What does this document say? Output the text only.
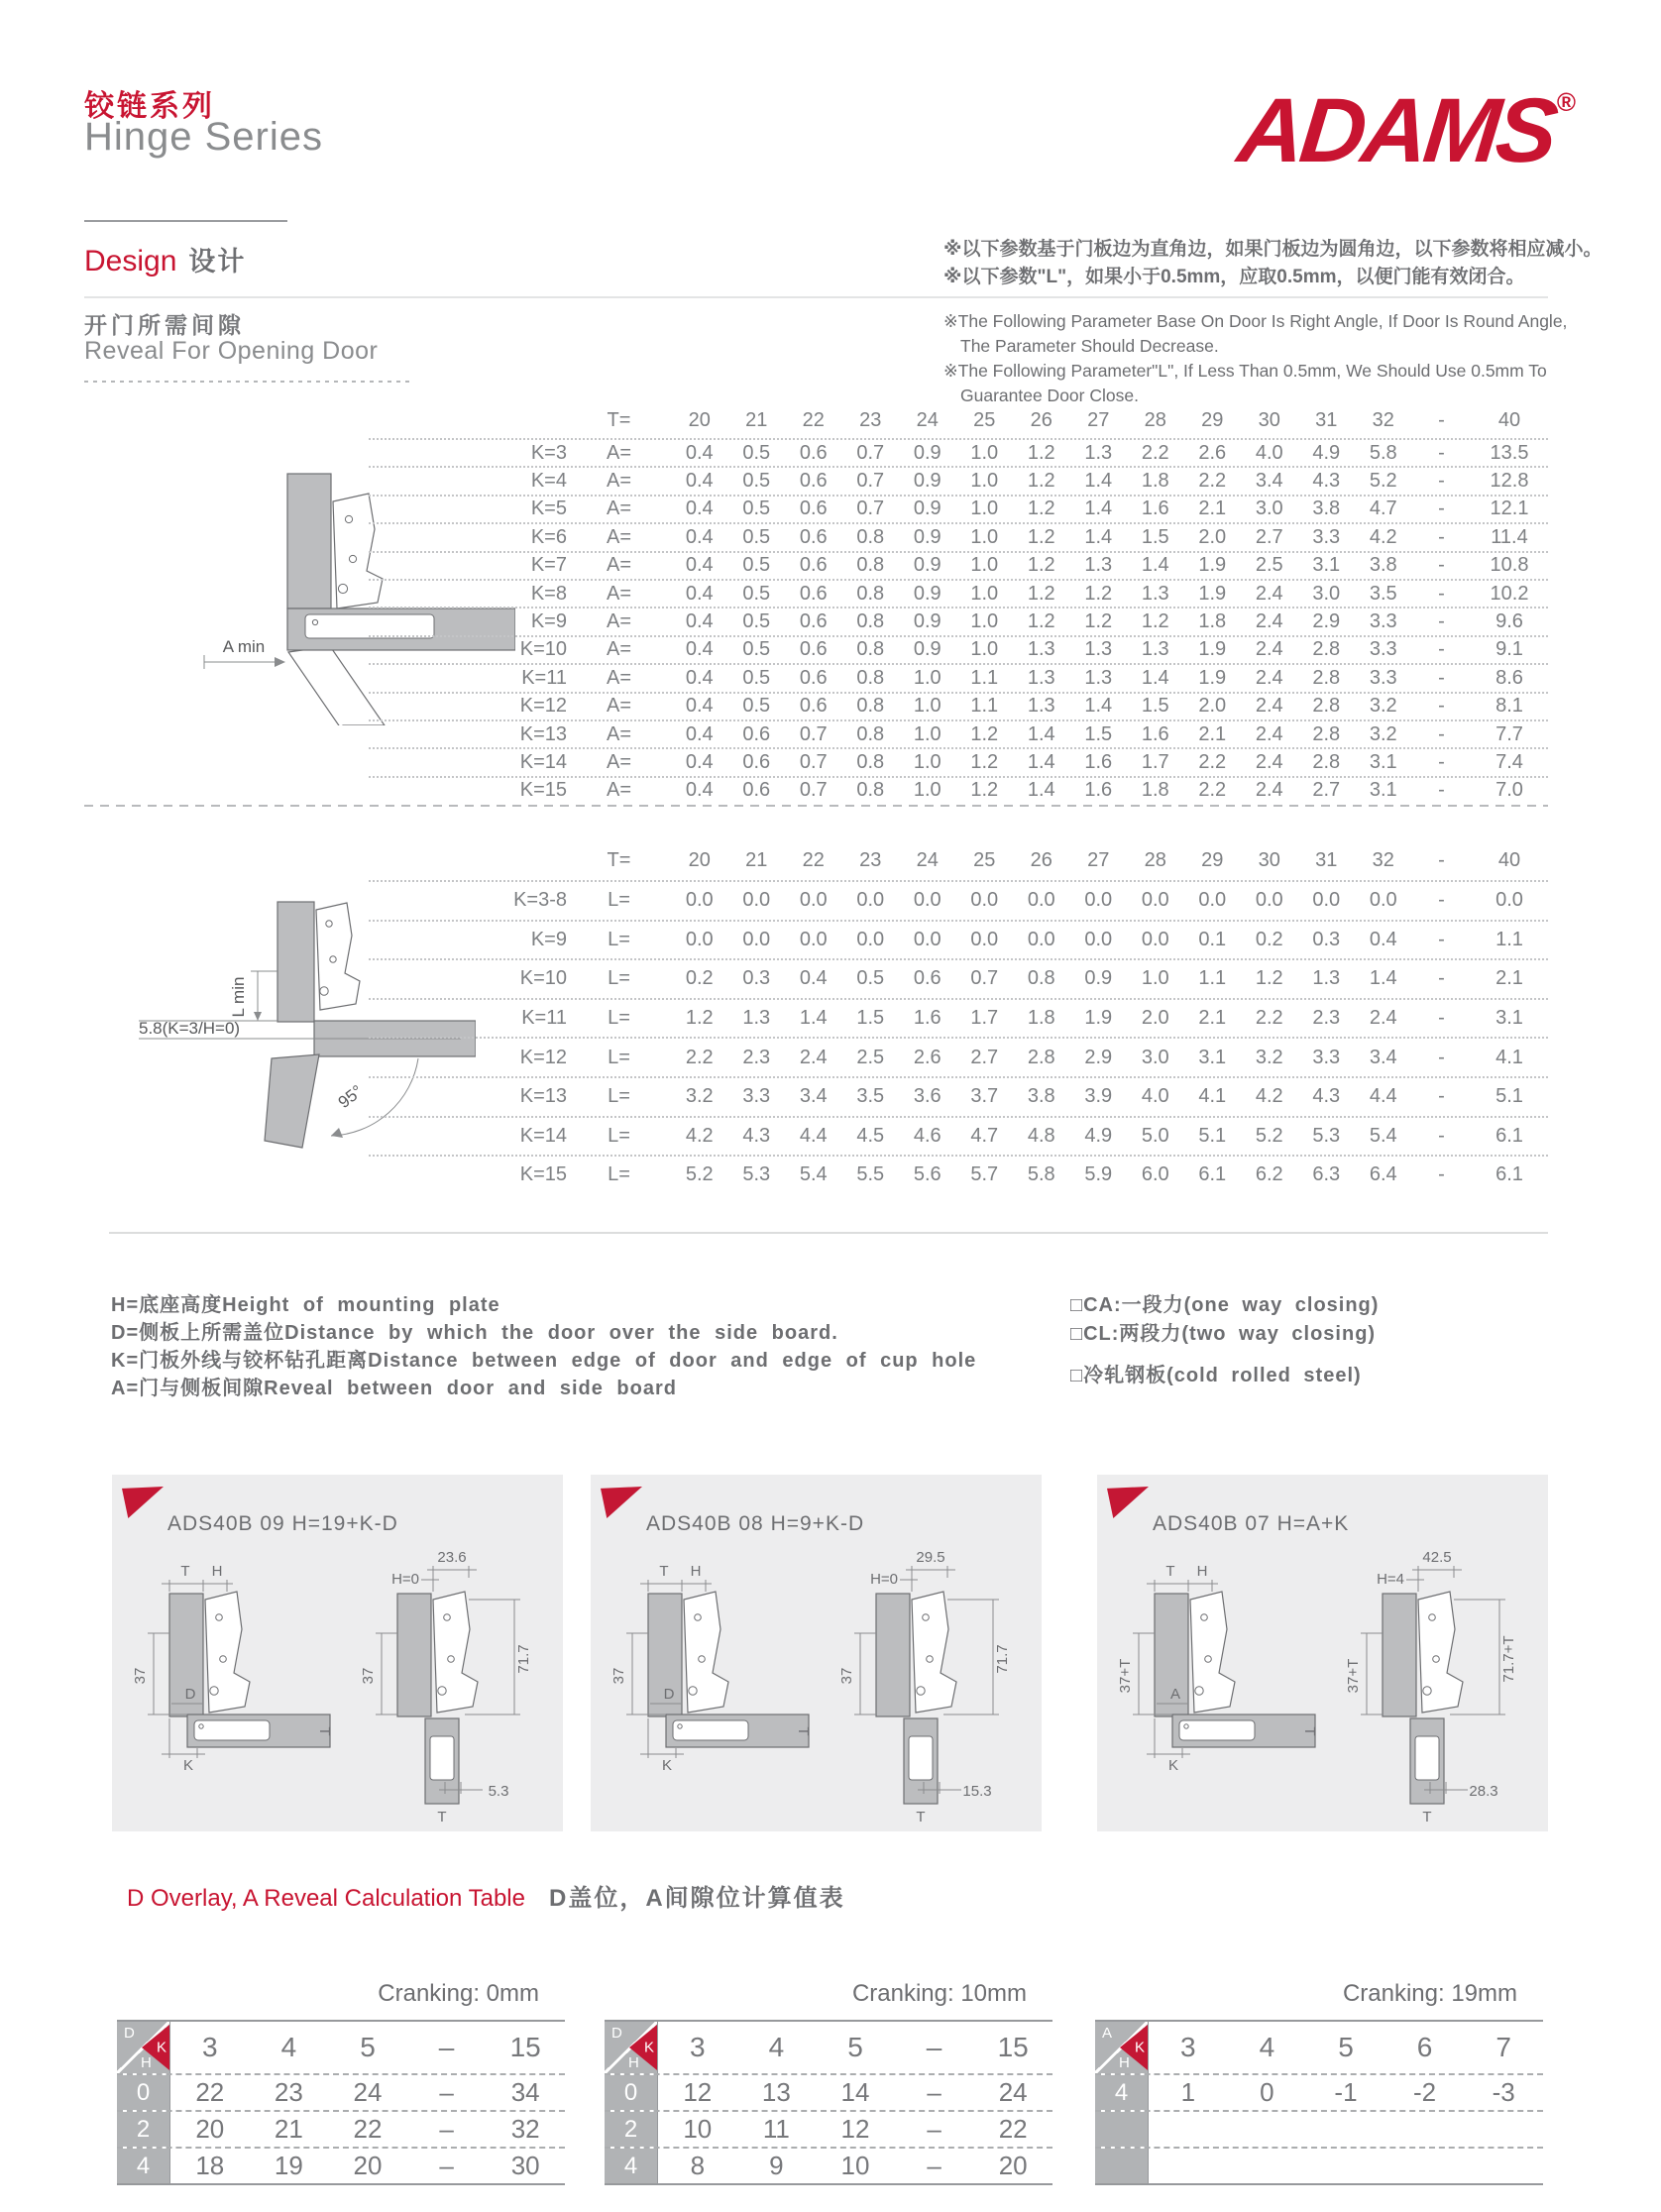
铰链系列
Hinge Series
Design 设计
ADAMS
®
※以下参数基于门板边为直角边，如果门板边为圆角边，以下参数将相应减小。
※以下参数"L"，如果小于0.5mm，应取0.5mm，以便门能有效闭合。

※The Following Parameter Base On Door Is Right Angle, If Door Is Round Angle, The Parameter Should Decrease.

※The Following Parameter"L", If Less Than 0.5mm, We Should Use 0.5mm To Guarantee Door Close.

开门所需间隙
Reveal For Opening Door
A min
T=	20	21	22	23	24	25	26	27	28	29	30	31	32	-	40
K=3	A=	0.4	0.5	0.6	0.7	0.9	1.0	1.2	1.3	2.2	2.6	4.0	4.9	5.8	-	13.5
K=4	A=	0.4	0.5	0.6	0.7	0.9	1.0	1.2	1.4	1.8	2.2	3.4	4.3	5.2	-	12.8
K=5	A=	0.4	0.5	0.6	0.7	0.9	1.0	1.2	1.4	1.6	2.1	3.0	3.8	4.7	-	12.1
K=6	A=	0.4	0.5	0.6	0.8	0.9	1.0	1.2	1.4	1.5	2.0	2.7	3.3	4.2	-	11.4
K=7	A=	0.4	0.5	0.6	0.8	0.9	1.0	1.2	1.3	1.4	1.9	2.5	3.1	3.8	-	10.8
K=8	A=	0.4	0.5	0.6	0.8	0.9	1.0	1.2	1.2	1.3	1.9	2.4	3.0	3.5	-	10.2
K=9	A=	0.4	0.5	0.6	0.8	0.9	1.0	1.2	1.2	1.2	1.8	2.4	2.9	3.3	-	9.6
K=10	A=	0.4	0.5	0.6	0.8	0.9	1.0	1.3	1.3	1.3	1.9	2.4	2.8	3.3	-	9.1
K=11	A=	0.4	0.5	0.6	0.8	1.0	1.1	1.3	1.3	1.4	1.9	2.4	2.8	3.3	-	8.6
K=12	A=	0.4	0.5	0.6	0.8	1.0	1.1	1.3	1.4	1.5	2.0	2.4	2.8	3.2	-	8.1
K=13	A=	0.4	0.6	0.7	0.8	1.0	1.2	1.4	1.5	1.6	2.1	2.4	2.8	3.2	-	7.7
K=14	A=	0.4	0.6	0.7	0.8	1.0	1.2	1.4	1.6	1.7	2.2	2.4	2.8	3.1	-	7.4
K=15	A=	0.4	0.6	0.7	0.8	1.0	1.2	1.4	1.6	1.8	2.2	2.4	2.7	3.1	-	7.0
L min
5.8(K=3/H=0)
95°
T=	20	21	22	23	24	25	26	27	28	29	30	31	32	-	40
K=3-8	L=	0.0	0.0	0.0	0.0	0.0	0.0	0.0	0.0	0.0	0.0	0.0	0.0	0.0	-	0.0
K=9	L=	0.0	0.0	0.0	0.0	0.0	0.0	0.0	0.0	0.0	0.1	0.2	0.3	0.4	-	1.1
K=10	L=	0.2	0.3	0.4	0.5	0.6	0.7	0.8	0.9	1.0	1.1	1.2	1.3	1.4	-	2.1
K=11	L=	1.2	1.3	1.4	1.5	1.6	1.7	1.8	1.9	2.0	2.1	2.2	2.3	2.4	-	3.1
K=12	L=	2.2	2.3	2.4	2.5	2.6	2.7	2.8	2.9	3.0	3.1	3.2	3.3	3.4	-	4.1
K=13	L=	3.2	3.3	3.4	3.5	3.6	3.7	3.8	3.9	4.0	4.1	4.2	4.3	4.4	-	5.1
K=14	L=	4.2	4.3	4.4	4.5	4.6	4.7	4.8	4.9	5.0	5.1	5.2	5.3	5.4	-	6.1
K=15	L=	5.2	5.3	5.4	5.5	5.6	5.7	5.8	5.9	6.0	6.1	6.2	6.3	6.4	-	6.1
H=底座高度Height of mounting plate
D=侧板上所需盖位Distance by which the door over the side board.
K=门板外线与铰杯钻孔距离Distance between edge of door and edge of cup hole
A=门与侧板间隙Reveal between door and side board
□CA:一段力(one way closing)
□CL:两段力(two way closing)
□冷轧钢板(cold rolled steel)
ADS40B 09 H=19+K-D
T H
37
D
K
T
H=0
23.6
37
71.7
5.3
T
ADS40B 08 H=9+K-D
T H
37
D
K
T
H=0
29.5
37
71.7
15.3
T
ADS40B 07 H=A+K
T H
37+T
A
K
T
H=4
42.5
37+T	71.7+T
28.3
T
D Overlay, A Reveal Calculation Table D盖位，A间隙位计算值表
Cranking: 0mm
D
H
K	3	4	5	–	15
0	22	23	24	–	34
2	20	21	22	–	32
4	18	19	20	–	30
Cranking: 10mm
D
H
K	3	4	5	–	15
0	12	13	14	–	24
2	10	11	12	–	22
4	8	9	10	–	20
Cranking: 19mm
A
H
K	3	4	5	6	7
4	1	0	-1	-2	-3
